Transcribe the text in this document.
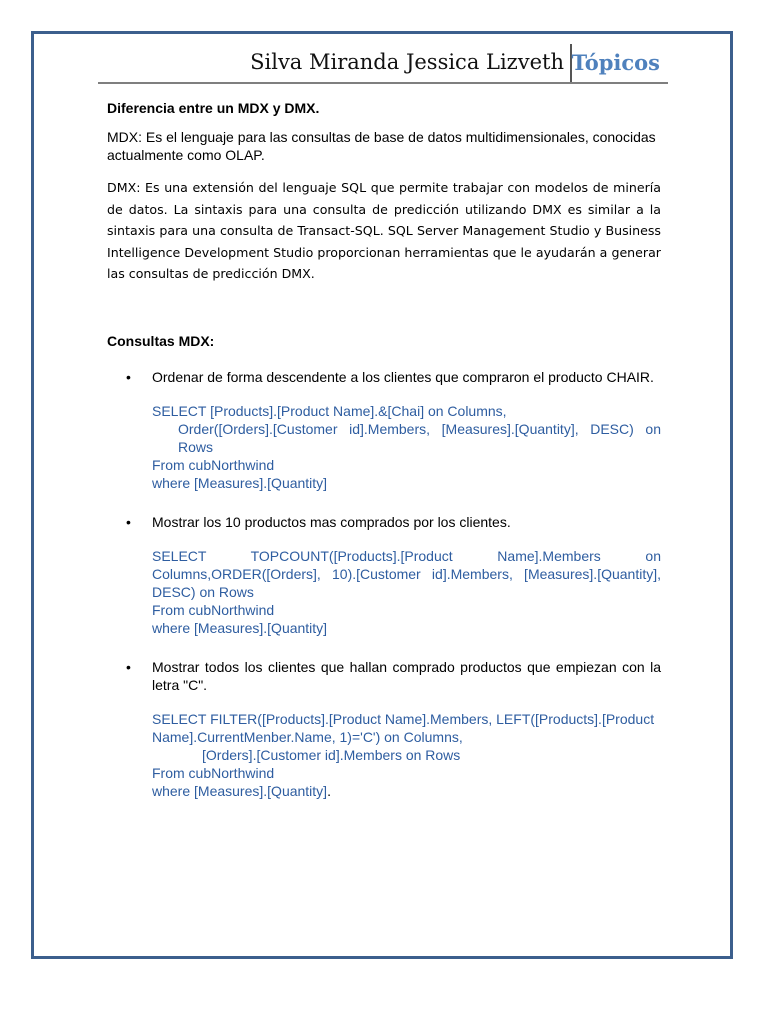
Silva Miranda Jessica Lizveth Tópicos

Diferencia entre un MDX y DMX.

MDX: Es el lenguaje para las consultas de base de datos multidimensionales, conocidas actualmente como OLAP.

DMX: Es una extensión del lenguaje SQL que permite trabajar con modelos de minería de datos. La sintaxis para una consulta de predicción utilizando DMX es similar a la sintaxis para una consulta de Transact-SQL. SQL Server Management Studio y Business Intelligence Development Studio proporcionan herramientas que le ayudarán a generar las consultas de predicción DMX.

Consultas MDX:

• Ordenar de forma descendente a los clientes que compraron el producto CHAIR.

SELECT [Products].[Product Name].&[Chai] on Columns,
Order([Orders].[Customer id].Members, [Measures].[Quantity], DESC) on Rows
From cubNorthwind
where [Measures].[Quantity]

• Mostrar los 10 productos mas comprados por los clientes.

SELECT TOPCOUNT([Products].[Product Name].Members on Columns,ORDER([Orders], 10).[Customer id].Members, [Measures].[Quantity], DESC) on Rows
From cubNorthwind
where [Measures].[Quantity]

• Mostrar todos los clientes que hallan comprado productos que empiezan con la letra "C".

SELECT FILTER([Products].[Product Name].Members, LEFT([Products].[Product Name].CurrentMenber.Name, 1)='C') on Columns,
[Orders].[Customer id].Members on Rows
From cubNorthwind
where [Measures].[Quantity].
